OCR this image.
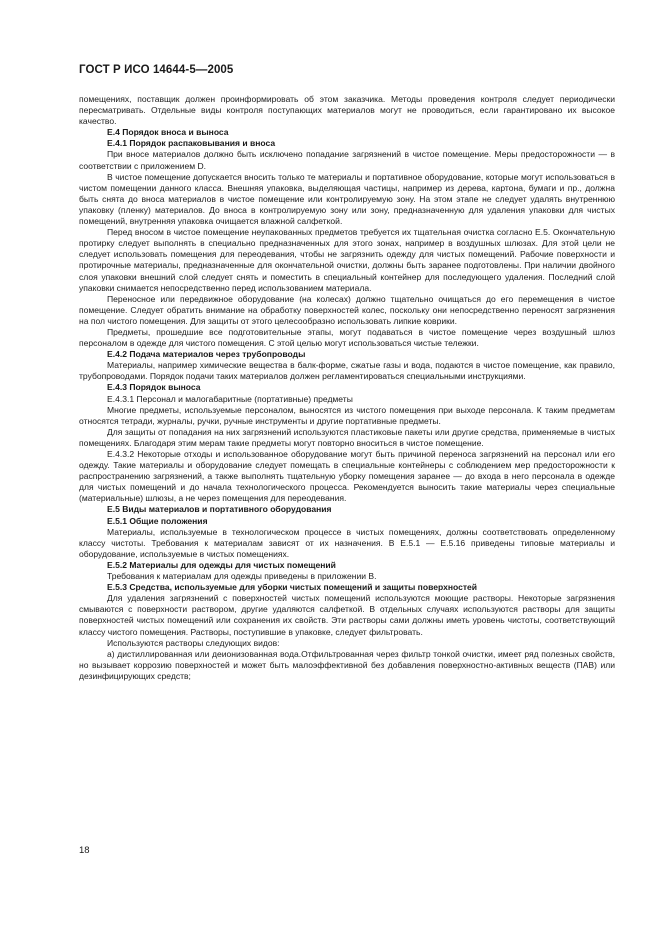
ГОСТ Р ИСО 14644-5—2005

помещениях, поставщик должен проинформировать об этом заказчика. Методы проведения контроля следует периодически пересматривать. Отдельные виды контроля поступающих материалов могут не проводиться, если гарантировано их высокое качество.

Е.4 Порядок вноса и выноса
Е.4.1 Порядок распаковывания и вноса

При вносе материалов должно быть исключено попадание загрязнений в чистое помещение. Меры предосторожности — в соответствии с приложением D.

В чистое помещение допускается вносить только те материалы и портативное оборудование, которые могут использоваться в чистом помещении данного класса. Внешняя упаковка, выделяющая частицы, например из дерева, картона, бумаги и пр., должна быть снята до вноса материалов в чистое помещение или контролируемую зону. На этом этапе не следует удалять внутреннюю упаковку (пленку) материалов. До вноса в контролируемую зону или зону, предназначенную для удаления упаковки для чистых помещений, внутренняя упаковка очищается влажной салфеткой.

Перед вносом в чистое помещение неупакованных предметов требуется их тщательная очистка согласно Е.5. Окончательную протирку следует выполнять в специально предназначенных для этого зонах, например в воздушных шлюзах. Для этой цели не следует использовать помещения для переодевания, чтобы не загрязнить одежду для чистых помещений. Рабочие поверхности и протирочные материалы, предназначенные для окончательной очистки, должны быть заранее подготовлены. При наличии двойного слоя упаковки внешний слой следует снять и поместить в специальный контейнер для последующего удаления. Последний слой упаковки снимается непосредственно перед использованием материала.

Переносное или передвижное оборудование (на колесах) должно тщательно очищаться до его перемещения в чистое помещение. Следует обратить внимание на обработку поверхностей колес, поскольку они непосредственно переносят загрязнения на пол чистого помещения. Для защиты от этого целесообразно использовать липкие коврики.

Предметы, прошедшие все подготовительные этапы, могут подаваться в чистое помещение через воздушный шлюз персоналом в одежде для чистого помещения. С этой целью могут использоваться чистые тележки.

Е.4.2 Подача материалов через трубопроводы

Материалы, например химические вещества в балк-форме, сжатые газы и вода, подаются в чистое помещение, как правило, трубопроводами. Порядок подачи таких материалов должен регламентироваться специальными инструкциями.

Е.4.3 Порядок выноса

Е.4.3.1 Персонал и малогабаритные (портативные) предметы

Многие предметы, используемые персоналом, выносятся из чистого помещения при выходе персонала. К таким предметам относятся тетради, журналы, ручки, ручные инструменты и другие портативные предметы.

Для защиты от попадания на них загрязнений используются пластиковые пакеты или другие средства, применяемые в чистых помещениях. Благодаря этим мерам такие предметы могут повторно вноситься в чистое помещение.

Е.4.3.2 Некоторые отходы и использованное оборудование могут быть причиной переноса загрязнений на персонал или его одежду. Такие материалы и оборудование следует помещать в специальные контейнеры с соблюдением мер предосторожности к распространению загрязнений, а также выполнять тщательную уборку помещения заранее — до входа в него персонала в одежде для чистых помещений и до начала технологического процесса. Рекомендуется выносить такие материалы через специальные (материальные) шлюзы, а не через помещения для переодевания.

Е.5 Виды материалов и портативного оборудования
Е.5.1 Общие положения

Материалы, используемые в технологическом процессе в чистых помещениях, должны соответствовать определенному классу чистоты. Требования к материалам зависят от их назначения. В Е.5.1 — Е.5.16 приведены типовые материалы и оборудование, используемые в чистых помещениях.

Е.5.2 Материалы для одежды для чистых помещений

Требования к материалам для одежды приведены в приложении В.

Е.5.3 Средства, используемые для уборки чистых помещений и защиты поверхностей

Для удаления загрязнений с поверхностей чистых помещений используются моющие растворы. Некоторые загрязнения смываются с поверхности раствором, другие удаляются салфеткой. В отдельных случаях используются растворы для защиты поверхностей чистых помещений или сохранения их свойств. Эти растворы сами должны иметь уровень чистоты, соответствующий классу чистого помещения. Растворы, поступившие в упаковке, следует фильтровать.

Используются растворы следующих видов:

а) дистиллированная или деионизованная вода.Отфильтрованная через фильтр тонкой очистки, имеет ряд полезных свойств, но вызывает коррозию поверхностей и может быть малоэффективной без добавления поверхностно-активных веществ (ПАВ) или дезинфицирующих средств;

18
